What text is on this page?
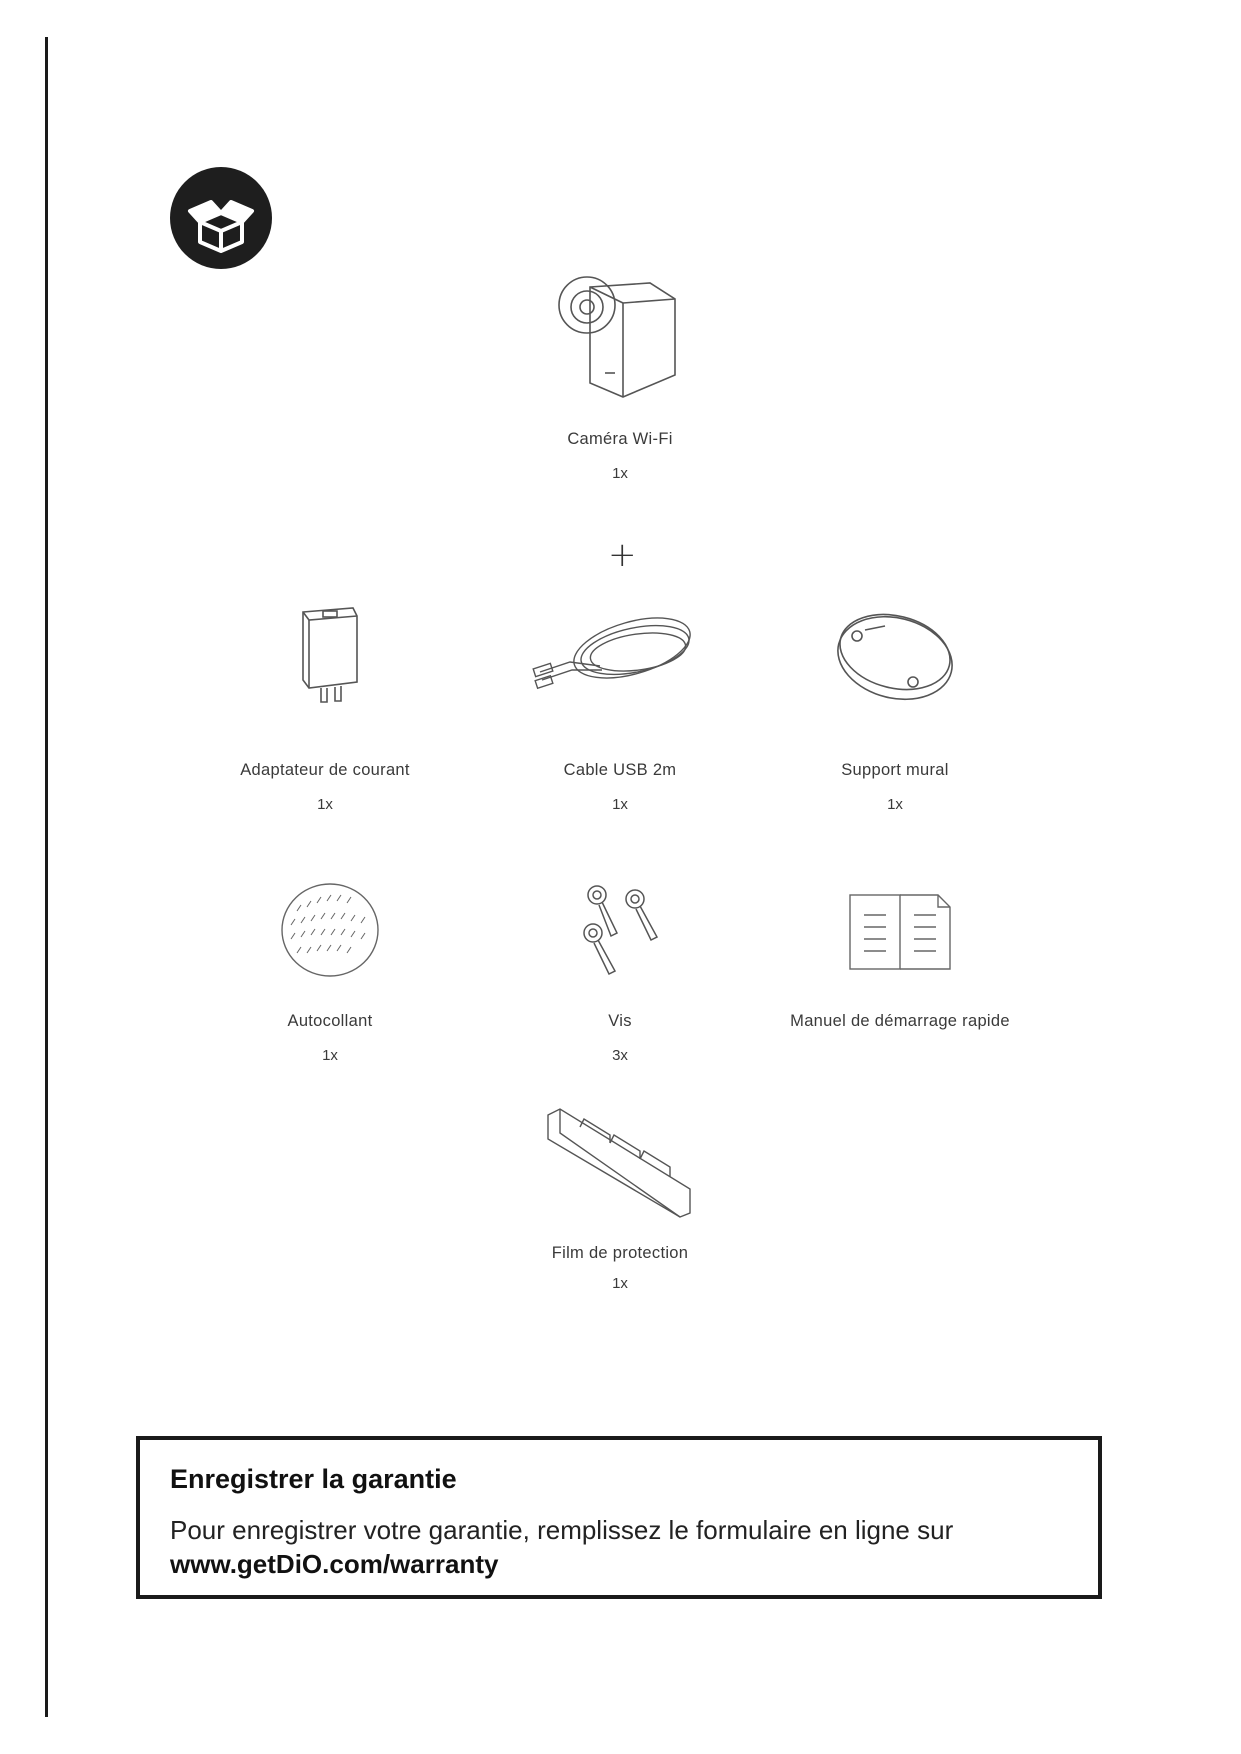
Caméra Wi-Fi
1x
+
Adaptateur de courant
1x
Cable USB 2m
1x
Support mural
1x
Autocollant
1x
Vis
3x
Manuel de démarrage rapide
Film de protection
1x
Enregistrer la garantie
Pour enregistrer votre garantie, remplissez le formulaire en ligne sur
www.getDiO.com/warranty
